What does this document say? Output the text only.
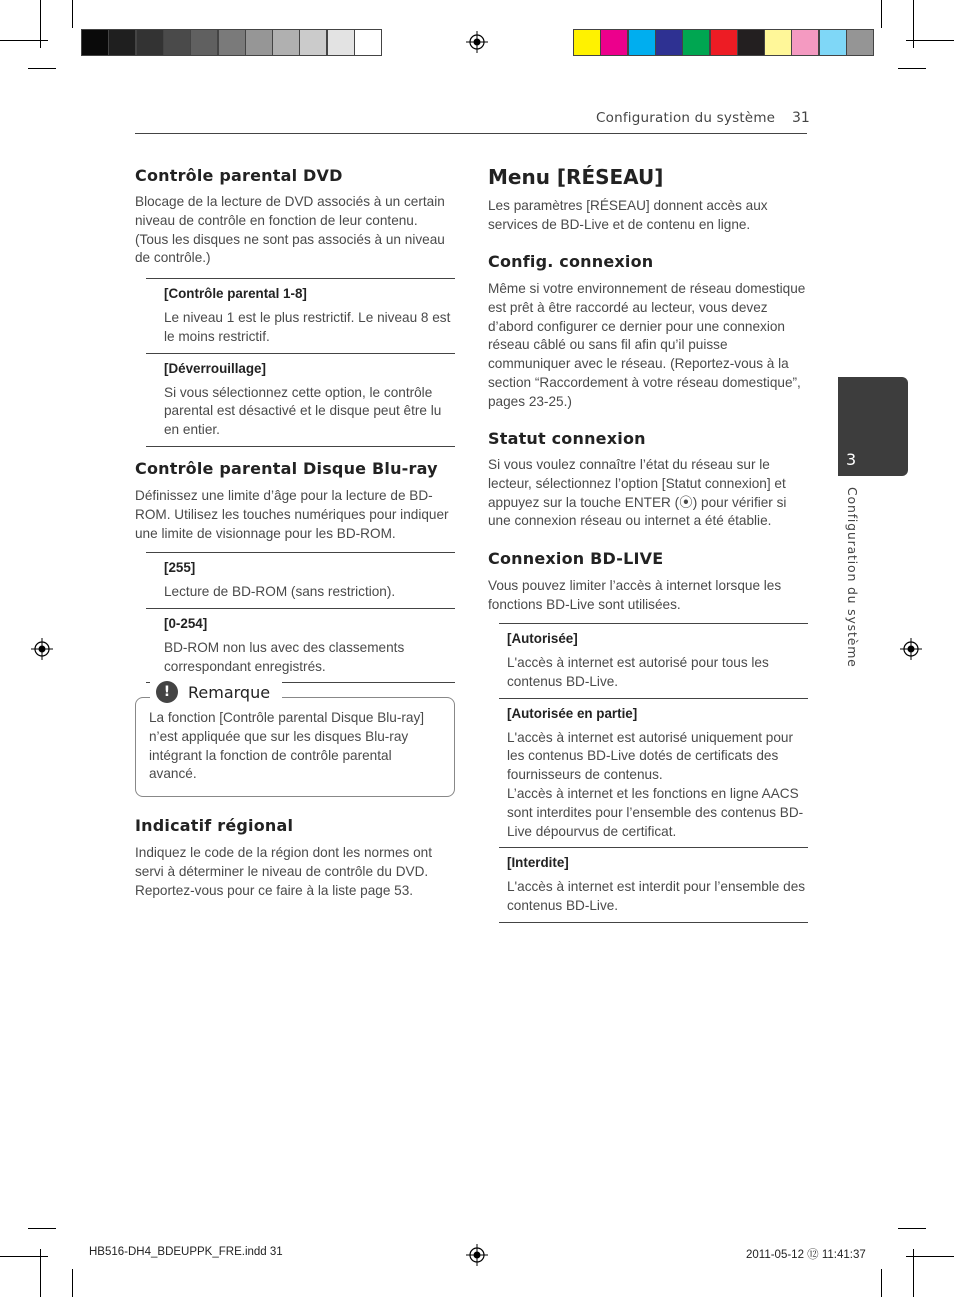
Configuration du système 31
Contrôle parental DVD
Blocage de la lecture de DVD associés à un certain niveau de contrôle en fonction de leur contenu. (Tous les disques ne sont pas associés à un niveau de contrôle.)
[Contrôle parental 1-8]
Le niveau 1 est le plus restrictif. Le niveau 8 est le moins restrictif.
[Déverrouillage]
Si vous sélectionnez cette option, le contrôle parental est désactivé et le disque peut être lu en entier.
Contrôle parental Disque Blu-ray
Définissez une limite d’âge pour la lecture de BD-ROM. Utilisez les touches numériques pour indiquer une limite de visionnage pour les BD-ROM.
[255]
Lecture de BD-ROM (sans restriction).
[0-254]
BD-ROM non lus avec des classements correspondant enregistrés.
!	Remarque
La fonction [Contrôle parental Disque Blu-ray] n’est appliquée que sur les disques Blu-ray intégrant la fonction de contrôle parental avancé.
Indicatif régional
Indiquez le code de la région dont les normes ont servi à déterminer le niveau de contrôle du DVD. Reportez-vous pour ce faire à la liste page 53.
Menu [RÉSEAU]
Les paramètres [RÉSEAU] donnent accès aux services de BD-Live et de contenu en ligne.
Config. connexion
Même si votre environnement de réseau domestique est prêt à être raccordé au lecteur, vous devez d’abord configurer ce dernier pour une connexion réseau câblé ou sans fil afin qu’il puisse communiquer avec le réseau. (Reportez-vous à la section “Raccordement à votre réseau domestique”, pages 23-25.)
Statut connexion
Si vous voulez connaître l’état du réseau sur le lecteur, sélectionnez l’option [Statut connexion] et appuyez sur la touche ENTER (⦿) pour vérifier si une connexion réseau ou internet a été établie.
Connexion BD-LIVE
Vous pouvez limiter l’accès à internet lorsque les fonctions BD-Live sont utilisées.
[Autorisée]
L'accès à internet est autorisé pour tous les contenus BD-Live.
[Autorisée en partie]
L'accès à internet est autorisé uniquement pour les contenus BD-Live dotés de certificats des fournisseurs de contenus.
L’accès à internet et les fonctions en ligne AACS sont interdites pour l’ensemble des contenus BD-Live dépourvus de certificat.
[Interdite]
L'accès à internet est interdit pour l’ensemble des contenus BD-Live.
3
Configuration du système
HB516-DH4_BDEUPPK_FRE.indd 31	2011-05-12 ⑫ 11:41:37
